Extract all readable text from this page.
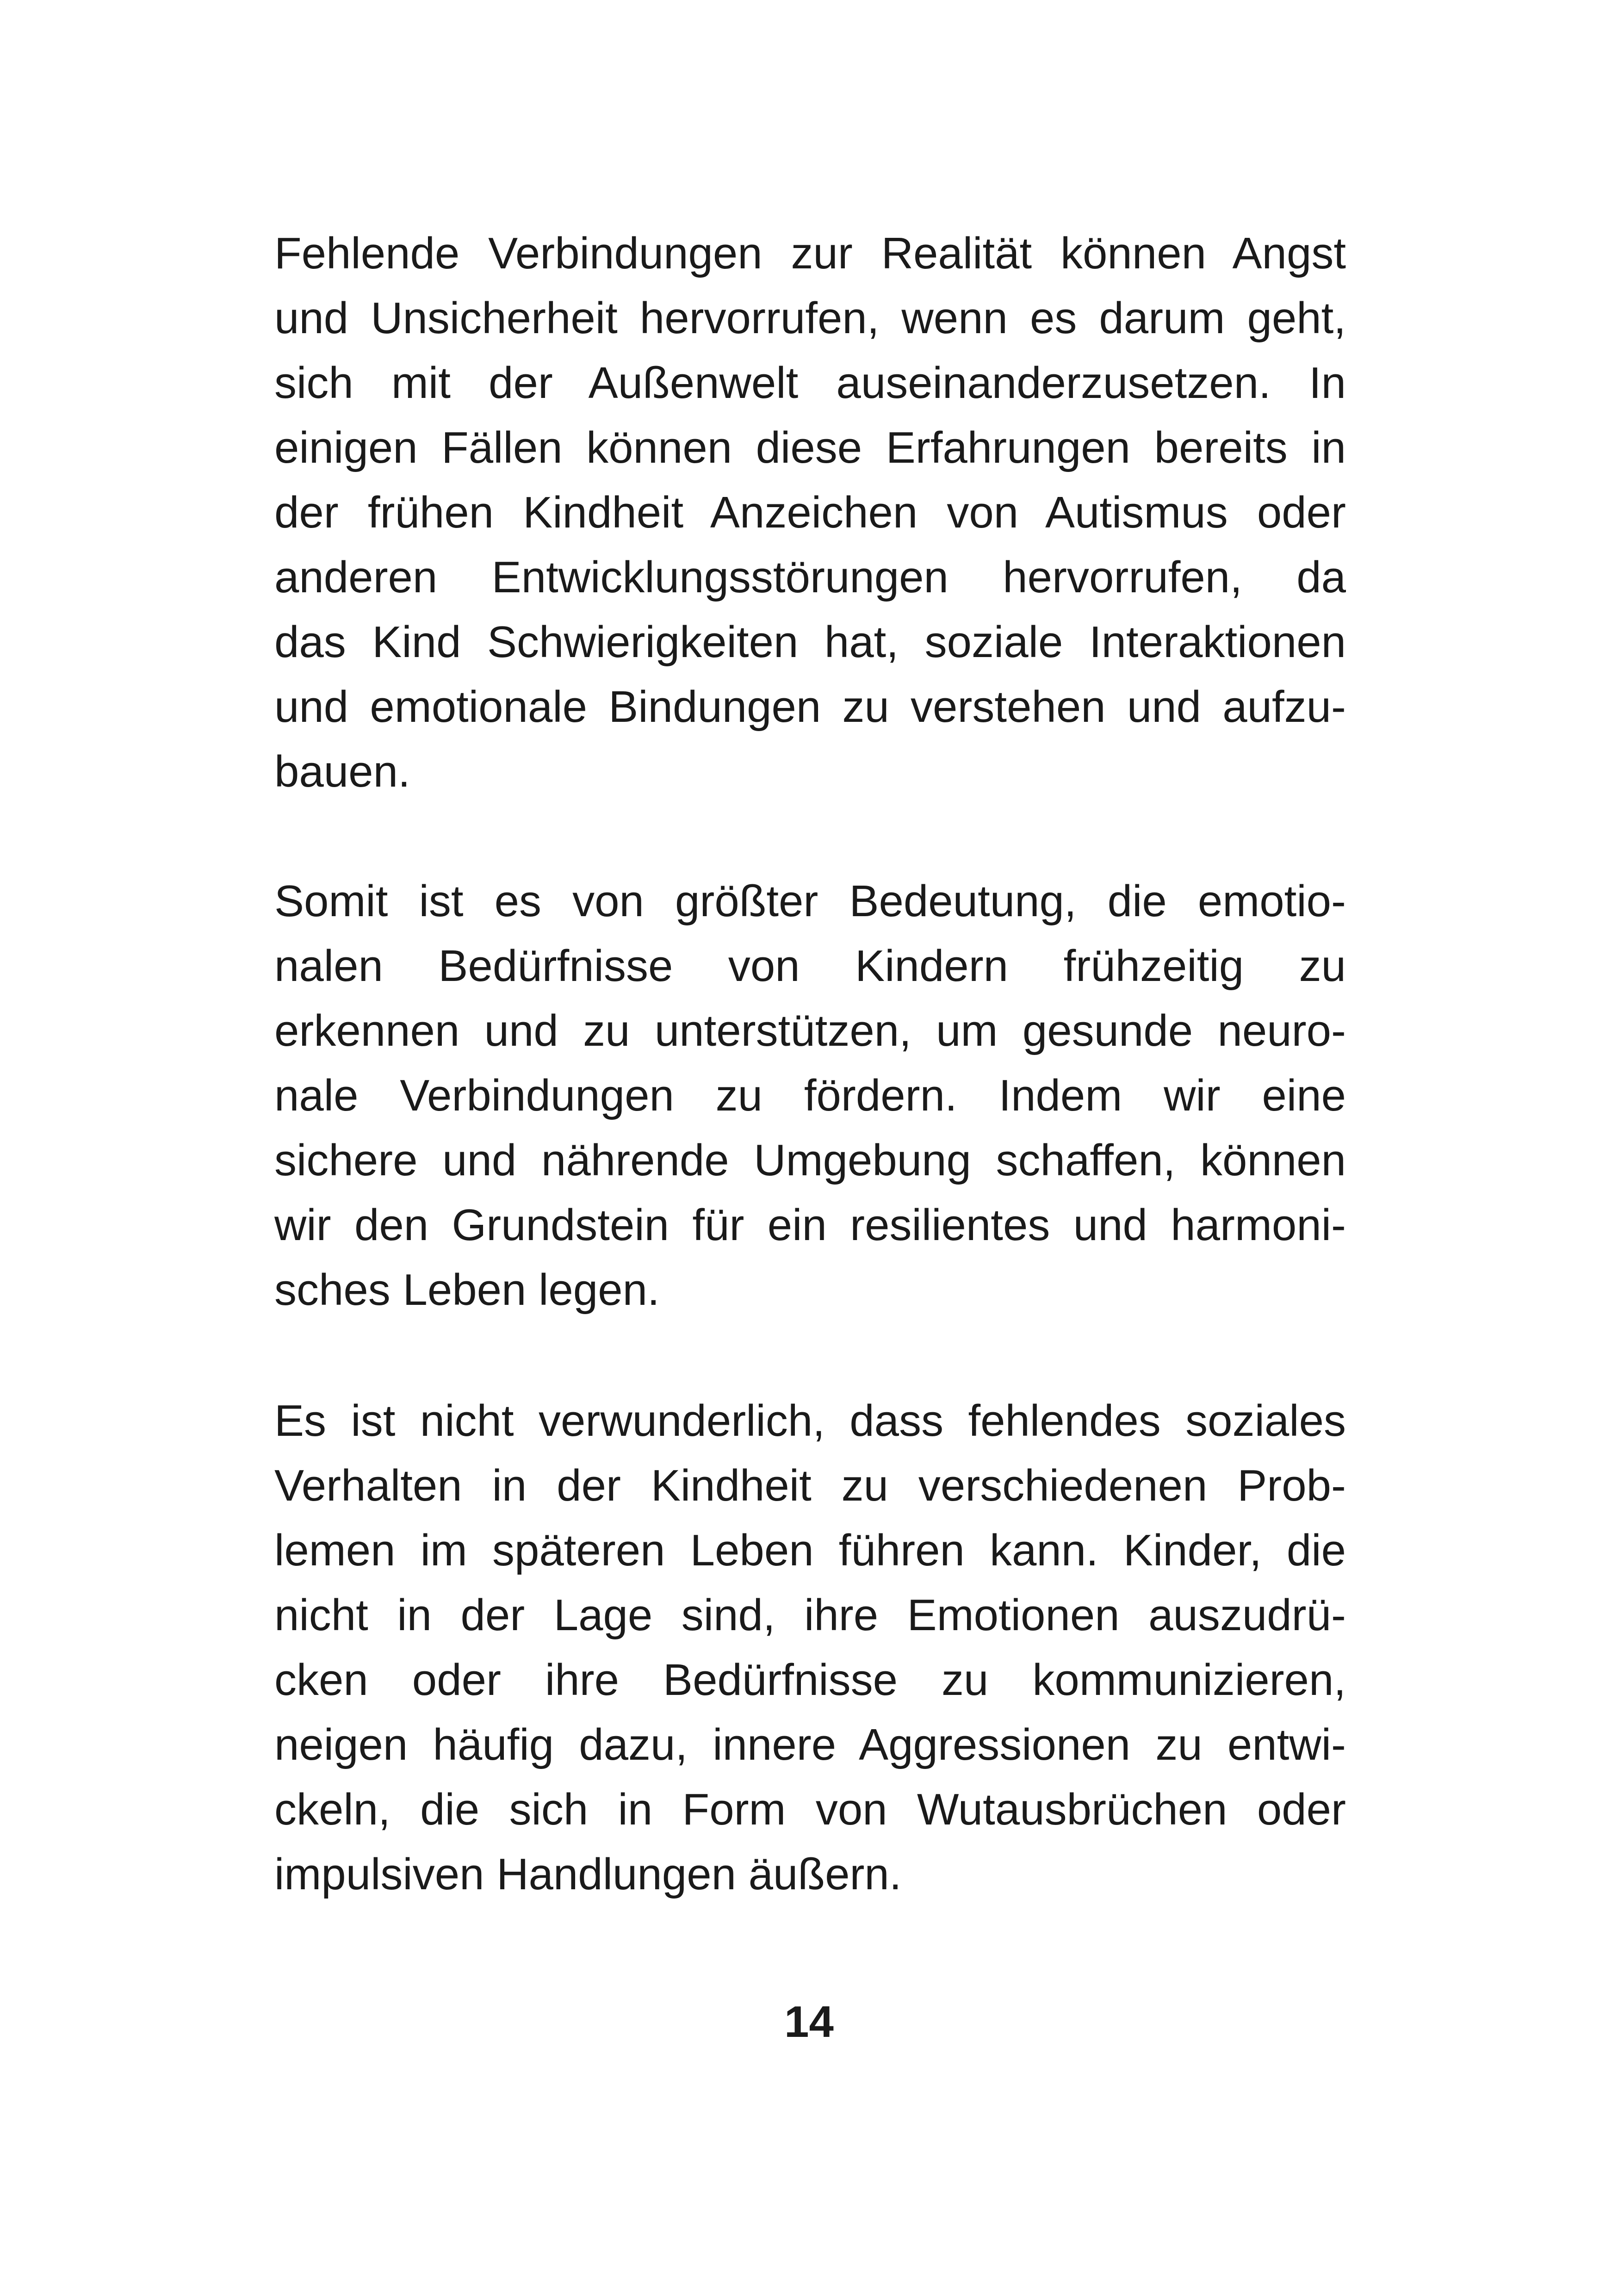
Fehlende Verbindungen zur Realität können Angst
und Unsicherheit hervorrufen, wenn es darum geht,
sich mit der Außenwelt auseinanderzusetzen. In
einigen Fällen können diese Erfahrungen bereits in
der frühen Kindheit Anzeichen von Autismus oder
anderen Entwicklungsstörungen hervorrufen, da
das Kind Schwierigkeiten hat, soziale Interaktionen
und emotionale Bindungen zu verstehen und aufzu-
bauen.
Somit ist es von größter Bedeutung, die emotio-
nalen Bedürfnisse von Kindern frühzeitig zu
erkennen und zu unterstützen, um gesunde neuro-
nale Verbindungen zu fördern. Indem wir eine
sichere und nährende Umgebung schaffen, können
wir den Grundstein für ein resilientes und harmoni-
sches Leben legen.
Es ist nicht verwunderlich, dass fehlendes soziales
Verhalten in der Kindheit zu verschiedenen Prob-
lemen im späteren Leben führen kann. Kinder, die
nicht in der Lage sind, ihre Emotionen auszudrü-
cken oder ihre Bedürfnisse zu kommunizieren,
neigen häufig dazu, innere Aggressionen zu entwi-
ckeln, die sich in Form von Wutausbrüchen oder
impulsiven Handlungen äußern.
14
